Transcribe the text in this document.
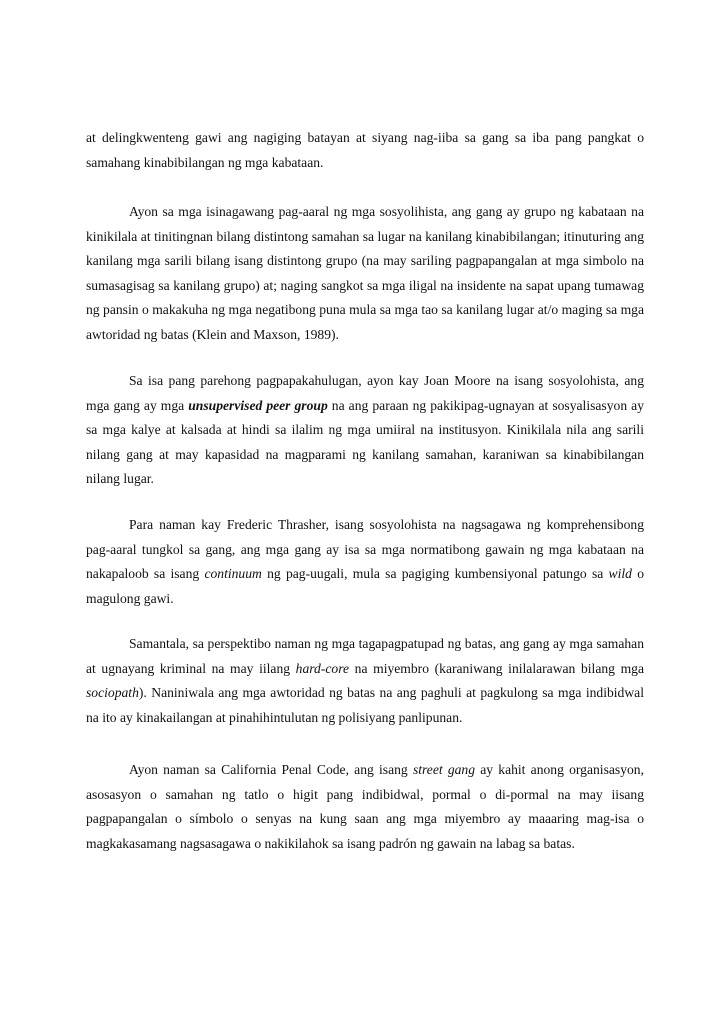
at delingkwenteng gawi ang nagiging batayan at siyang nag-iiba sa gang sa iba pang pangkat o samahang kinabibilangan ng mga kabataan.

Ayon sa mga isinagawang pag-aaral ng mga sosyolihista, ang gang ay grupo ng kabataan na kinikilala at tinitingnan bilang distintong samahan sa lugar na kanilang kinabibilangan; itinuturing ang kanilang mga sarili bilang isang distintong grupo (na may sariling pagpapangalan at mga simbolo na sumasagisag sa kanilang grupo) at; naging sangkot sa mga iligal na insidente na sapat upang tumawag ng pansin o makakuha ng mga negatibong puna mula sa mga tao sa kanilang lugar at/o maging sa mga awtoridad ng batas (Klein and Maxson, 1989).

Sa isa pang parehong pagpapakahulugan, ayon kay Joan Moore na isang sosyolohista, ang mga gang ay mga unsupervised peer group na ang paraan ng pakikipag-ugnayan at sosyalisasyon ay sa mga kalye at kalsada at hindi sa ilalim ng mga umiiral na institusyon. Kinikilala nila ang sarili nilang gang at may kapasidad na magparami ng kanilang samahan, karaniwan sa kinabibilangan nilang lugar.

Para naman kay Frederic Thrasher, isang sosyolohista na nagsagawa ng komprehensibong pag-aaral tungkol sa gang, ang mga gang ay isa sa mga normatibong gawain ng mga kabataan na nakapaloob sa isang continuum ng pag-uugali, mula sa pagiging kumbensiyonal patungo sa wild o magulong gawi.

Samantala, sa perspektibo naman ng mga tagapagpatupad ng batas, ang gang ay mga samahan at ugnayang kriminal na may iilang hard-core na miyembro (karaniwang inilalarawan bilang mga sociopath). Naniniwala ang mga awtoridad ng batas na ang paghuli at pagkulong sa mga indibidwal na ito ay kinakailangan at pinahihintulutan ng polisiyang panlipunan.

Ayon naman sa California Penal Code, ang isang street gang ay kahit anong organisasyon, asosasyon o samahan ng tatlo o higit pang indibidwal, pormal o di-pormal na may iisang pagpapangalan o símbolo o senyas na kung saan ang mga miyembro ay maaaring mag-isa o magkakasamang nagsasagawa o nakikilahok sa isang padrón ng gawain na labag sa batas.
